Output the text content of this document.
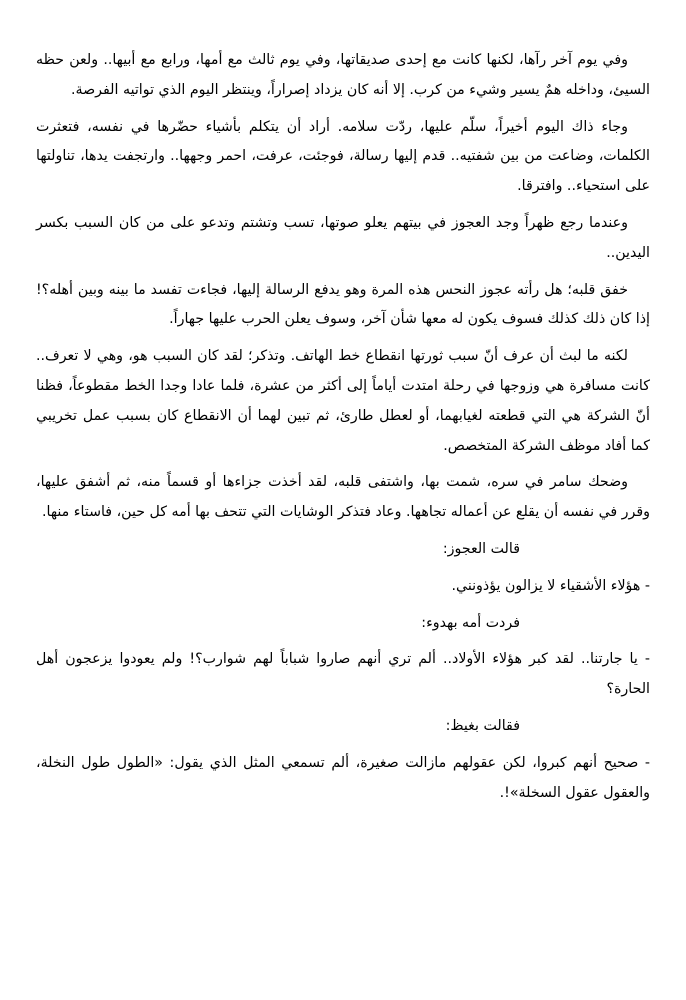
وفي يوم آخر رآها، لكنها كانت مع إحدى صديقاتها، وفي يوم ثالث مع أمها، ورابع مع أبيها.. ولعن حظه السيئ، وداخله همٌ يسير وشيء من كرب. إلا أنه كان يزداد إصراراً، وينتظر اليوم الذي تواتيه الفرصة.

وجاء ذاك اليوم أخيراً، سلّم عليها، ردّت سلامه. أراد أن يتكلم بأشياء حضّرها في نفسه، فتعثرت الكلمات، وضاعت من بين شفتيه.. قدم إليها رسالة، فوجئت، عرفت، احمر وجهها.. وارتجفت يدها، تناولتها على استحياء.. وافترقا.

وعندما رجع ظهراً وجد العجوز في بيتهم يعلو صوتها، تسب وتشتم وتدعو على من كان السبب بكسر اليدين..

خفق قلبه؛ هل رأته عجوز النحس هذه المرة وهو يدفع الرسالة إليها، فجاءت تفسد ما بينه وبين أهله؟! إذا كان ذلك كذلك فسوف يكون له معها شأن آخر، وسوف يعلن الحرب عليها جهاراً.

لكنه ما لبث أن عرف أنّ سبب ثورتها انقطاع خط الهاتف. وتذكر؛ لقد كان السبب هو، وهي لا تعرف.. كانت مسافرة هي وزوجها في رحلة امتدت أياماً إلى أكثر من عشرة، فلما عادا وجدا الخط مقطوعاً، فظنا أنّ الشركة هي التي قطعته لغيابهما، أو لعطل طارئ، ثم تبين لهما أن الانقطاع كان بسبب عمل تخريبي كما أفاد موظف الشركة المتخصص.

وضحك سامر في سره، شمت بها، واشتفى قلبه، لقد أخذت جزاءها أو قسماً منه، ثم أشفق عليها، وقرر في نفسه أن يقلع عن أعماله تجاهها. وعاد فتذكر الوشايات التي تتحف بها أمه كل حين، فاستاء منها.

قالت العجوز:

- هؤلاء الأشقياء لا يزالون يؤذونني.

فردت أمه بهدوء:

- يا جارتنا.. لقد كبر هؤلاء الأولاد.. ألم تري أنهم صاروا شباباً لهم شوارب؟! ولم يعودوا يزعجون أهل الحارة؟

فقالت بغيظ:

- صحيح أنهم كبروا، لكن عقولهم مازالت صغيرة، ألم تسمعي المثل الذي يقول: «الطول طول النخلة، والعقول عقول السخلة»!.
